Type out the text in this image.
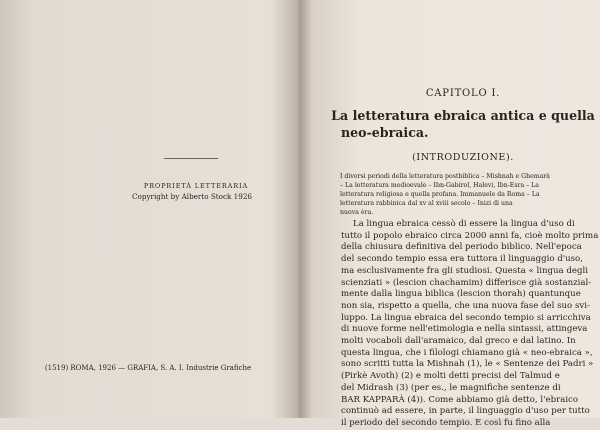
PROPRIETÀ LETTERARIA
Copyright by Alberto Stock 1926
(1519) ROMA, 1926 — GRAFIA, S. A. I. Industrie Grafiche
CAPITOLO I.
La letteratura ebraica antica e quella
neo-ebraica.
(INTRODUZIONE).
I diversi periodi della letteratura postbiblica – Mishnah e Ghemarà
– La letteratura medioevale – Ibn-Gabirol, Halevi, Ibn-Esra – La
letteratura religiosa e quella profana. Immanuele da Roma – La
letteratura rabbinica dal xv al xviii secolo – Inizi di una
nuova èra.
La lingua ebraica cessò di essere la lingua d'uso di
tutto il popolo ebraico circa 2000 anni fa, cioè molto prima
della chiusura definitiva del periodo biblico. Nell'epoca
del secondo tempio essa era tuttora il linguaggio d'uso,
ma esclusivamente fra gli studiosi. Questa « lingua degli
scienziati » (lescion chachamim) differisce già sostanzial-
mente dalla lingua biblica (lescion thorah) quantunque
non sia, rispetto a quella, che una nuova fase del suo svi-
luppo. La lingua ebraica del secondo tempio si arricchiva
di nuove forme nell'etimologia e nella sintassi, attingeva
molti vocaboli dall'aramaico, dal greco e dal latino. In
questa lingua, che i filologi chiamano già « neo-ebraica »,
sono scritti tutta la Mishnah (1), le « Sentenze dei Padri »
(Pirkè Avoth) (2) e molti detti precisi del Talmud e
del Midrash (3) (per es., le magnifiche sentenze di
BAR KAPPARÀ (4)). Come abbiamo già detto, l'ebraico
continuò ad essere, in parte, il linguaggio d'uso per tutto
il periodo del secondo tempio. E così fu fino alla
